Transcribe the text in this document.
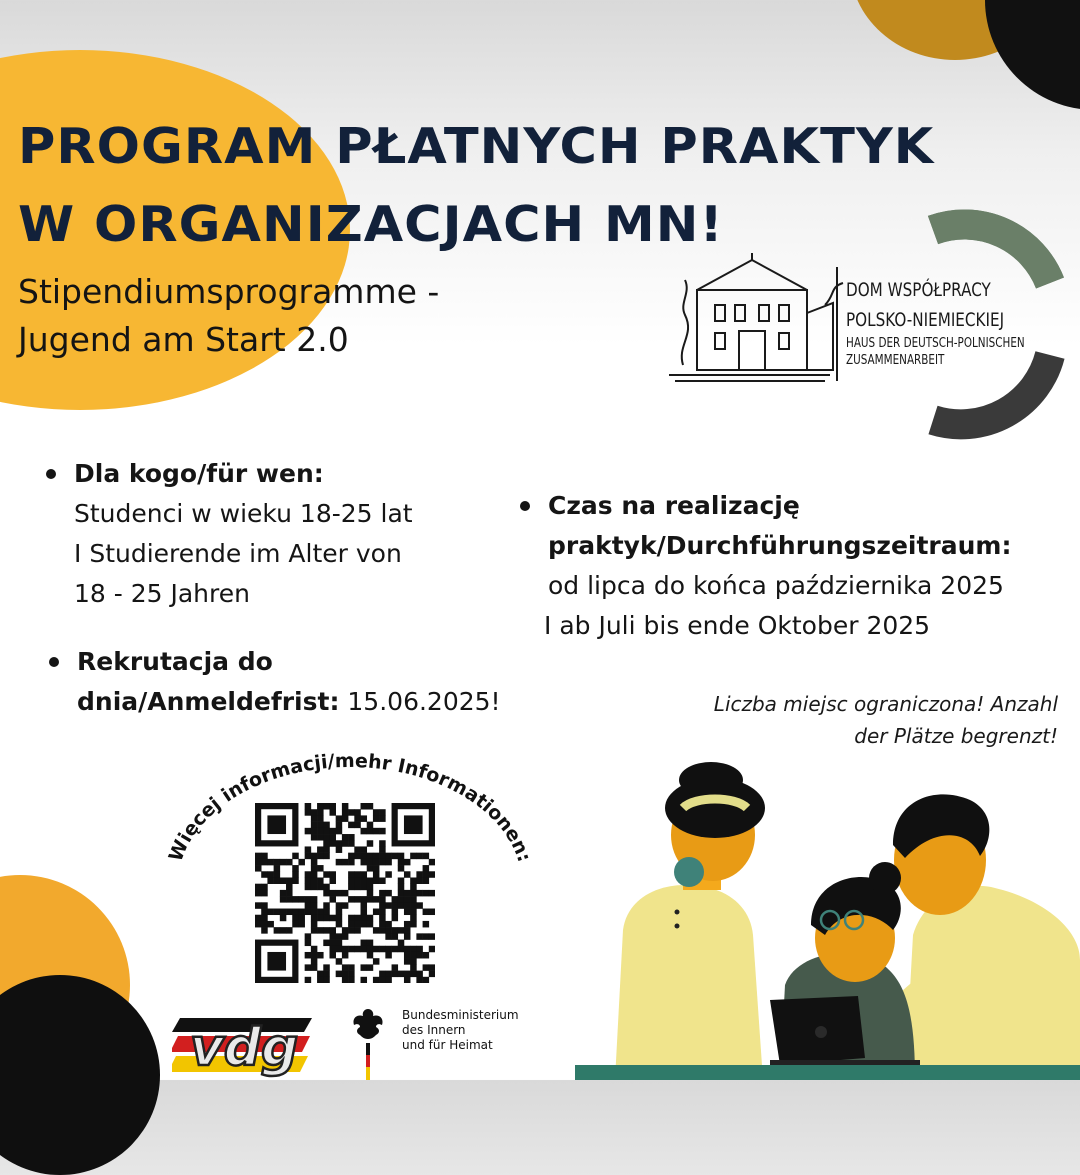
PROGRAM PŁATNYCH PRAKTYK
W ORGANIZACJACH MN!
Stipendiumsprogramme -
Jugend am Start 2.0
DOM WSPÓŁPRACY
POLSKO-NIEMIECKIEJ
HAUS DER DEUTSCH-POLNISCHEN
ZUSAMMENARBEIT
Dla kogo/für wen:
Studenci w wieku 18-25 lat
I Studierende im Alter von
18 - 25 Jahren
Czas na realizację
praktyk/Durchführungszeitraum:
od lipca do końca października 2025
I ab Juli bis ende Oktober 2025
Rekrutacja do
dnia/Anmeldefrist: 15.06.2025!	Liczba miejsc ograniczona! Anzahl
der Plätze begrenzt!
Więcej informacji/mehr Informationen:
vdg
Bundesministerium
des Innern
und für Heimat
